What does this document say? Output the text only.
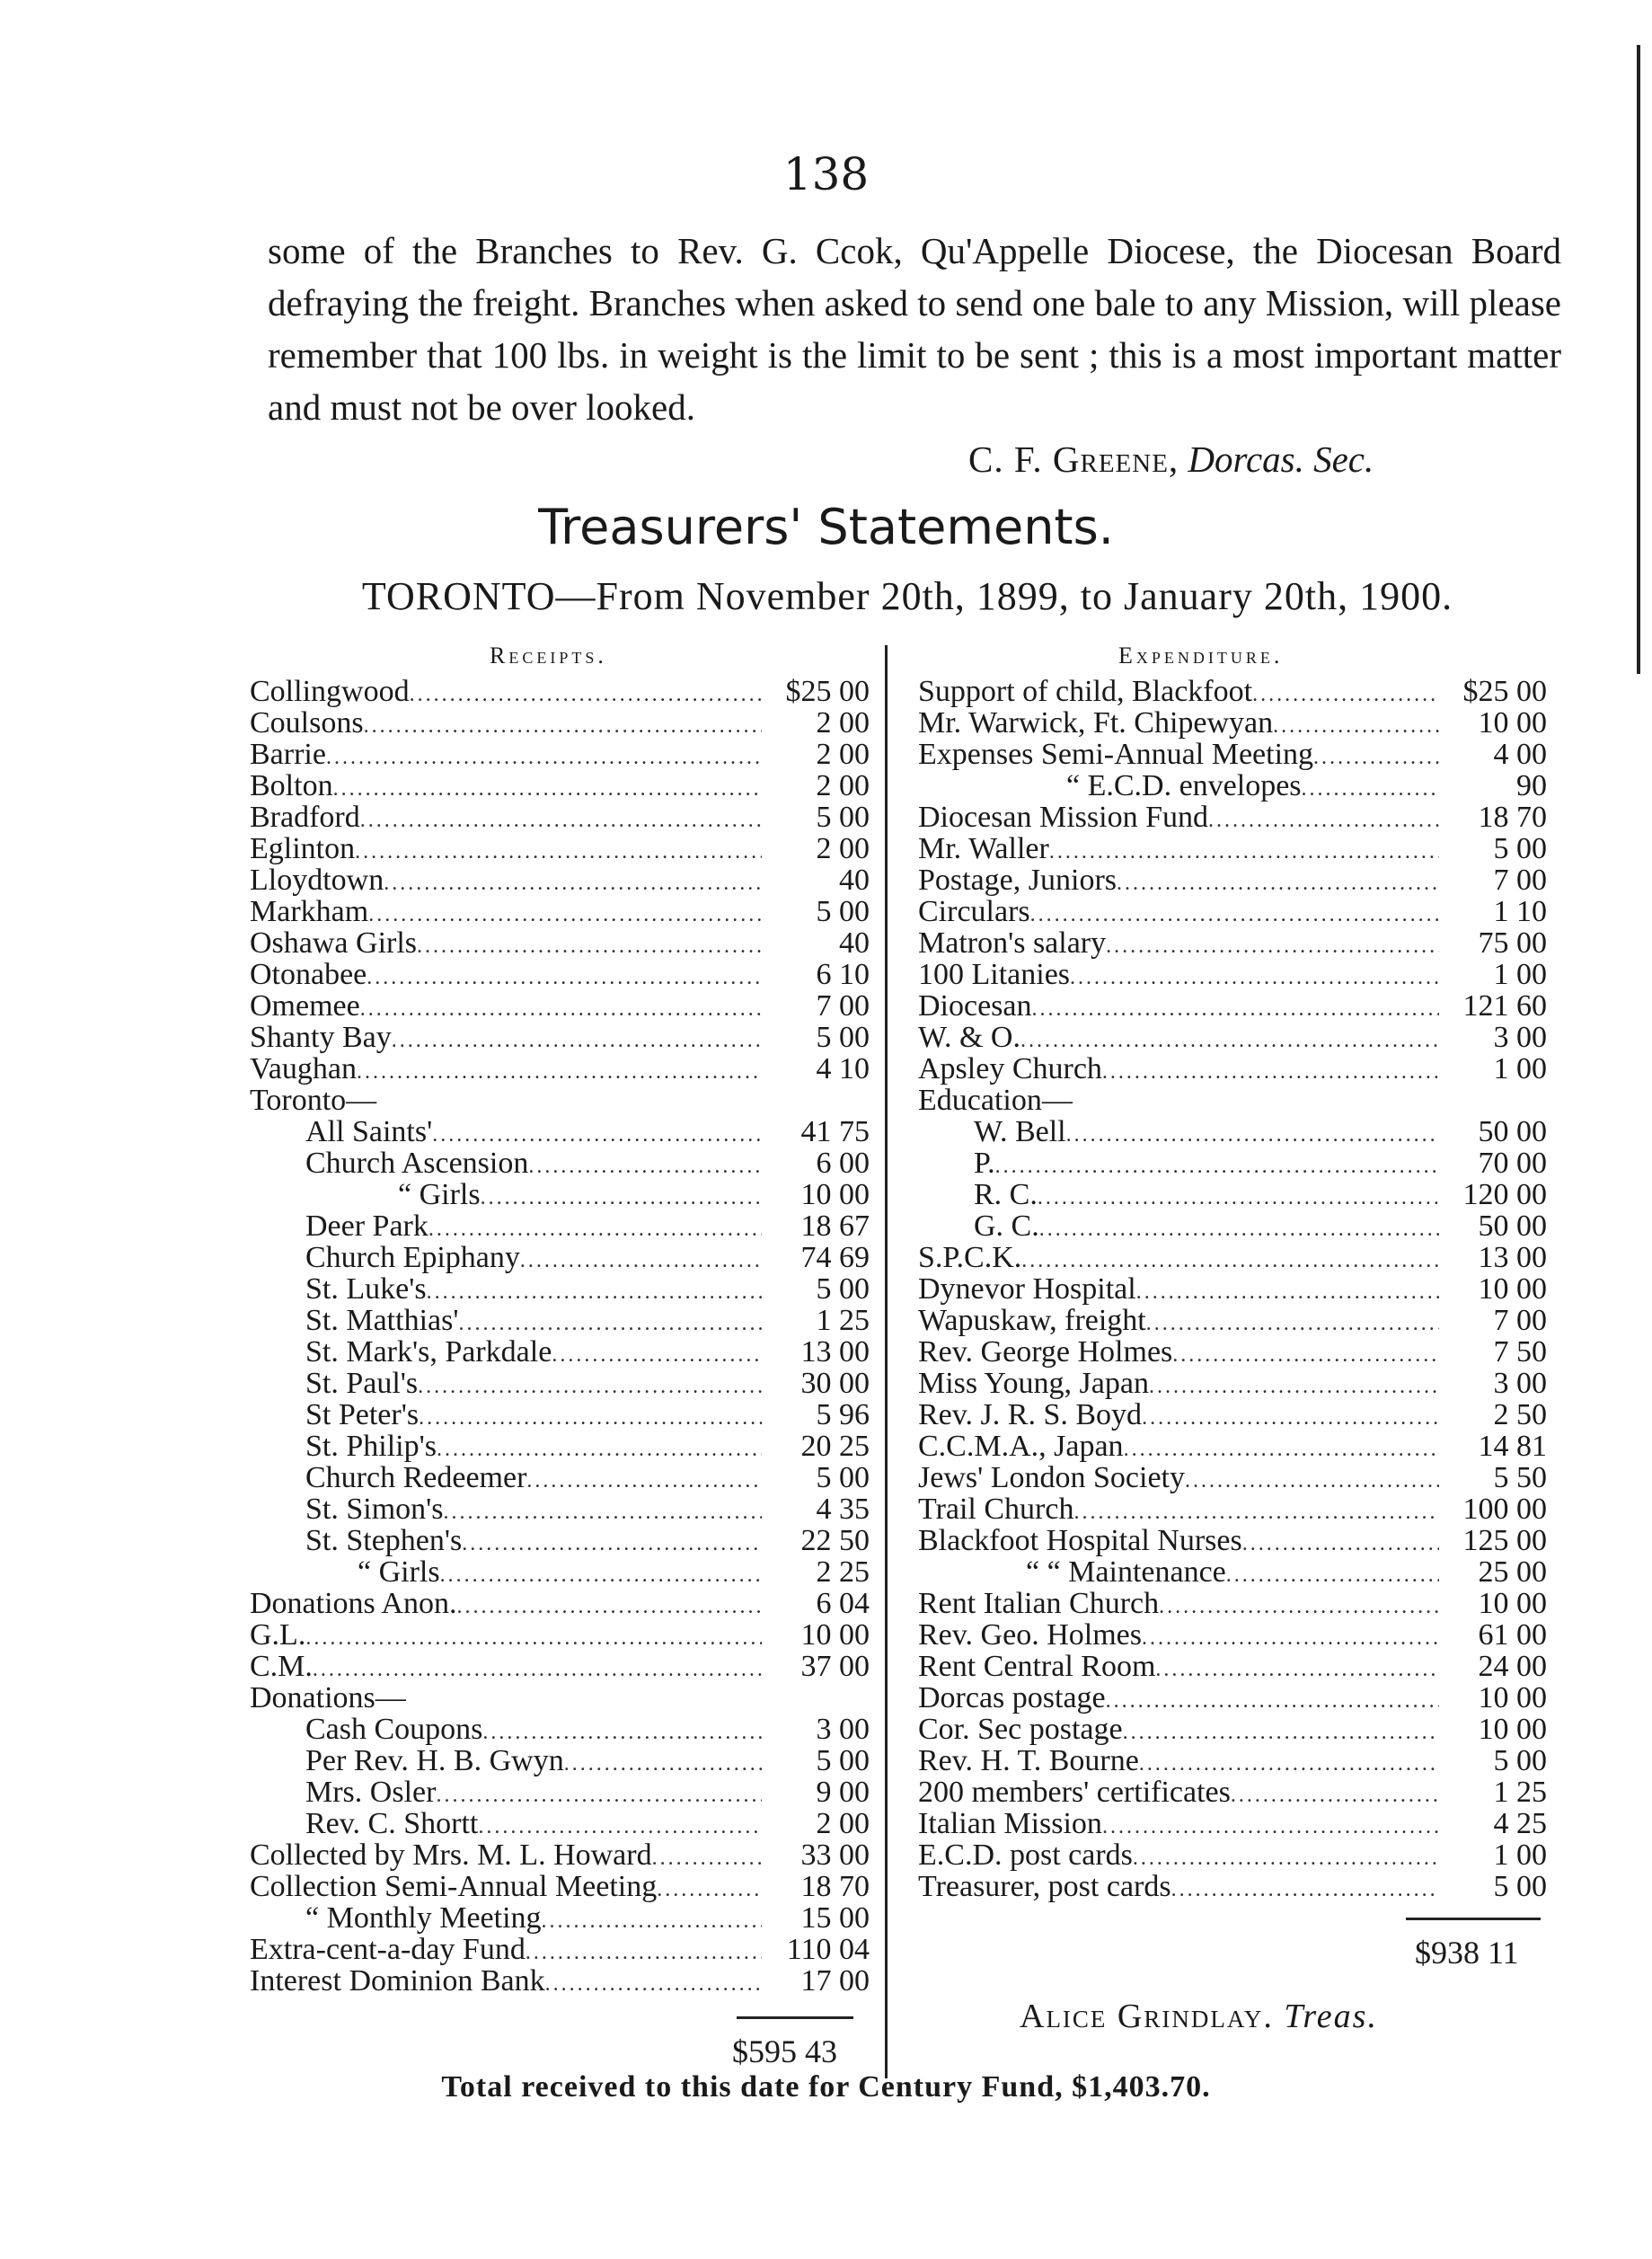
138

some of the Branches to Rev. G. Ccok, Qu'Appelle Diocese, the Diocesan Board defraying the freight. Branches when asked to send one bale to any Mission, will please remember that 100 lbs. in weight is the limit to be sent ; this is a most important matter and must not be over looked.

C. F. Greene, Dorcas. Sec.
Treasurers' Statements.
TORONTO—From November 20th, 1899, to January 20th, 1900.
Receipts.	Expenditure.
Collingwood .....	$25 00
Coulsons .....	2 00
Barrie .....	2 00
Bolton .....	2 00
Bradford .....	5 00
Eglinton .....	2 00
Lloydtown .....	40
Markham .....	5 00
Oshawa Girls .....	40
Otonabee .....	6 10
Omemee .....	7 00
Shanty Bay .....	5 00
Vaughan .....	4 10
Toronto—
All Saints' .....	41 75
Church Ascension .....	6 00
“ Girls .....	10 00
Deer Park .....	18 67
Church Epiphany .....	74 69
St. Luke's .....	5 00
St. Matthias' .....	1 25
St. Mark's, Parkdale .....	13 00
St. Paul's .....	30 00
St Peter's .....	5 96
St. Philip's .....	20 25
Church Redeemer .....	5 00
St. Simon's .....	4 35
St. Stephen's .....	22 50
“ Girls .....	2 25
Donations Anon. .....	6 04
G.L. .....	10 00
C.M. .....	37 00
Donations—
Cash Coupons .....	3 00
Per Rev. H. B. Gwyn .....	5 00
Mrs. Osler .....	9 00
Rev. C. Shortt .....	2 00
Collected by Mrs. M. L. Howard .....	33 00
Collection Semi-Annual Meeting .....	18 70
“ Monthly Meeting .....	15 00
Extra-cent-a-day Fund .....	110 04
Interest Dominion Bank .....	17 00
Support of child, Blackfoot .....	$25 00
Mr. Warwick, Ft. Chipewyan .....	10 00
Expenses Semi-Annual Meeting .....	4 00
“ E.C.D. envelopes .....	90
Diocesan Mission Fund .....	18 70
Mr. Waller .....	5 00
Postage, Juniors .....	7 00
Circulars .....	1 10
Matron's salary .....	75 00
100 Litanies .....	1 00
Diocesan .....	121 60
W. & O. .....	3 00
Apsley Church .....	1 00
Education—
W. Bell .....	50 00
P. .....	70 00
R. C. .....	120 00
G. C. .....	50 00
S.P.C.K. .....	13 00
Dynevor Hospital .....	10 00
Wapuskaw, freight .....	7 00
Rev. George Holmes .....	7 50
Miss Young, Japan .....	3 00
Rev. J. R. S. Boyd .....	2 50
C.C.M.A., Japan .....	14 81
Jews' London Society .....	5 50
Trail Church .....	100 00
Blackfoot Hospital Nurses .....	125 00
“ “ Maintenance .....	25 00
Rent Italian Church .....	10 00
Rev. Geo. Holmes .....	61 00
Rent Central Room .....	24 00
Dorcas postage .....	10 00
Cor. Sec postage .....	10 00
Rev. H. T. Bourne .....	5 00
200 members' certificates .....	1 25
Italian Mission .....	4 25
E.C.D. post cards .....	1 00
Treasurer, post cards .....	5 00
$595 43
$938 11
Alice Grindlay. Treas.
Total received to this date for Century Fund, $1,403.70.
